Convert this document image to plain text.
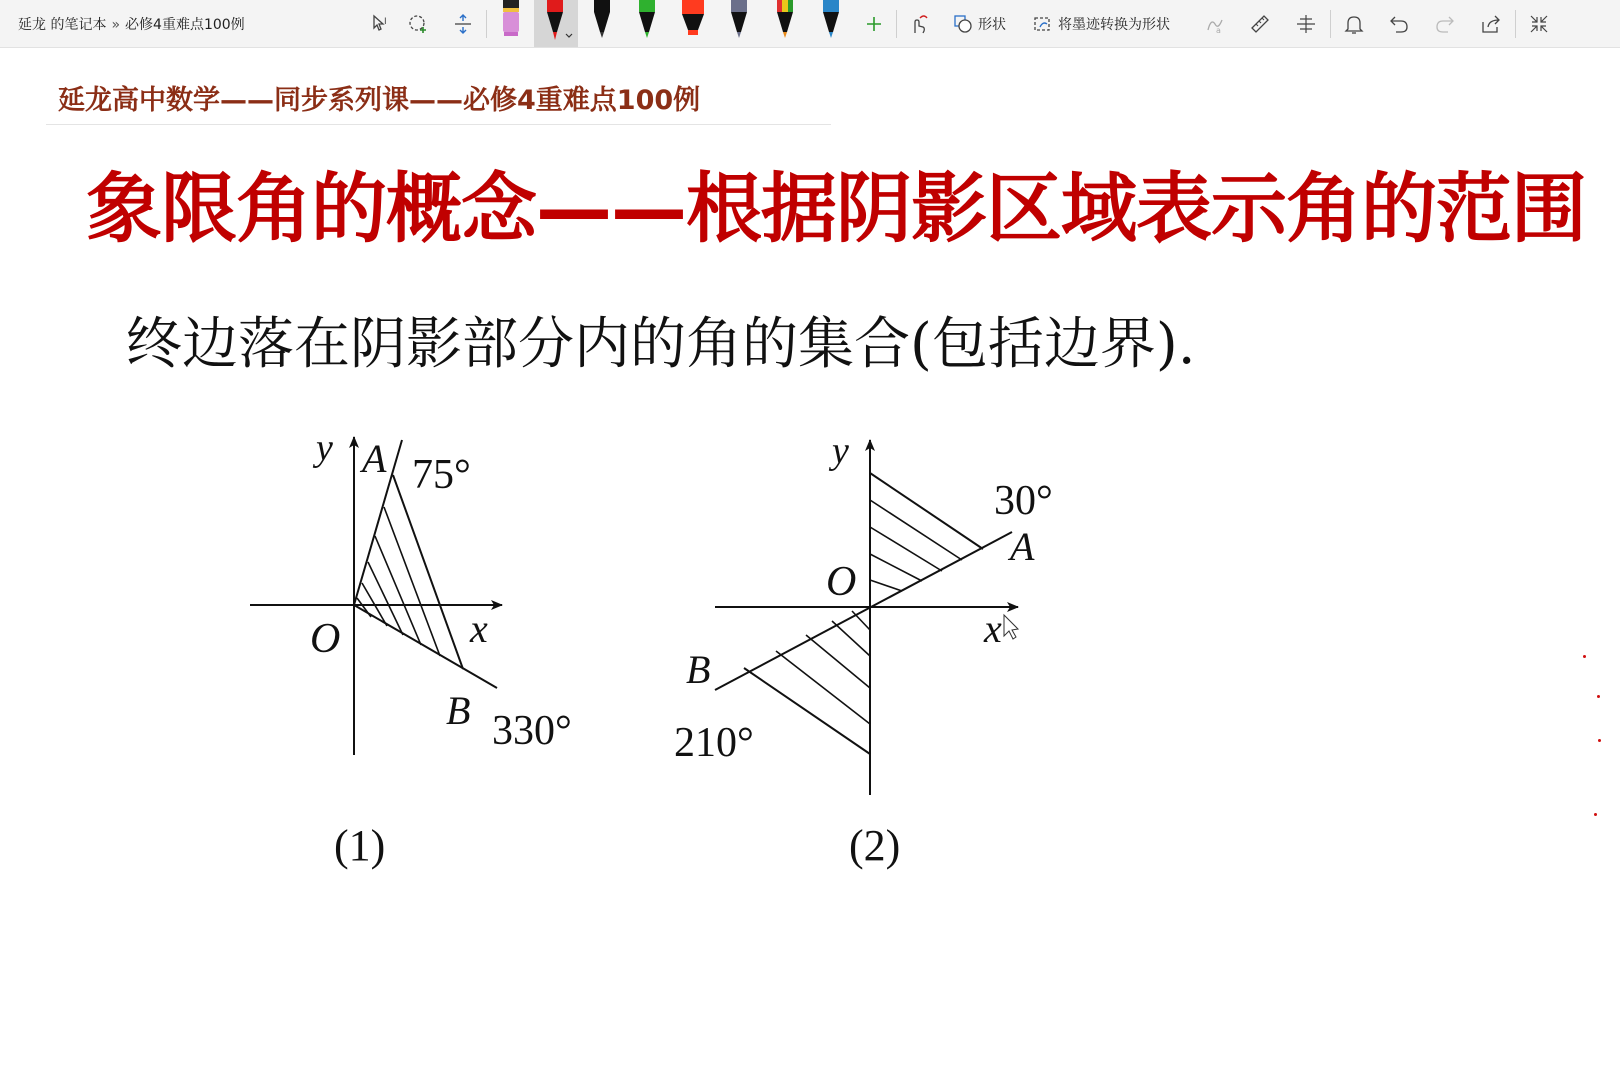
延龙 的笔记本 » 必修4重难点100例	I	形状	将墨迹转换为形状	a
延龙高中数学——同步系列课——必修4重难点100例
象限角的概念——根据阴影区域表示角的范围
终边落在阴影部分内的角的集合(包括边界).
y A 75°
O	x
B 330°
(1)
y
30°
A
O
x
B
210°
(2)
